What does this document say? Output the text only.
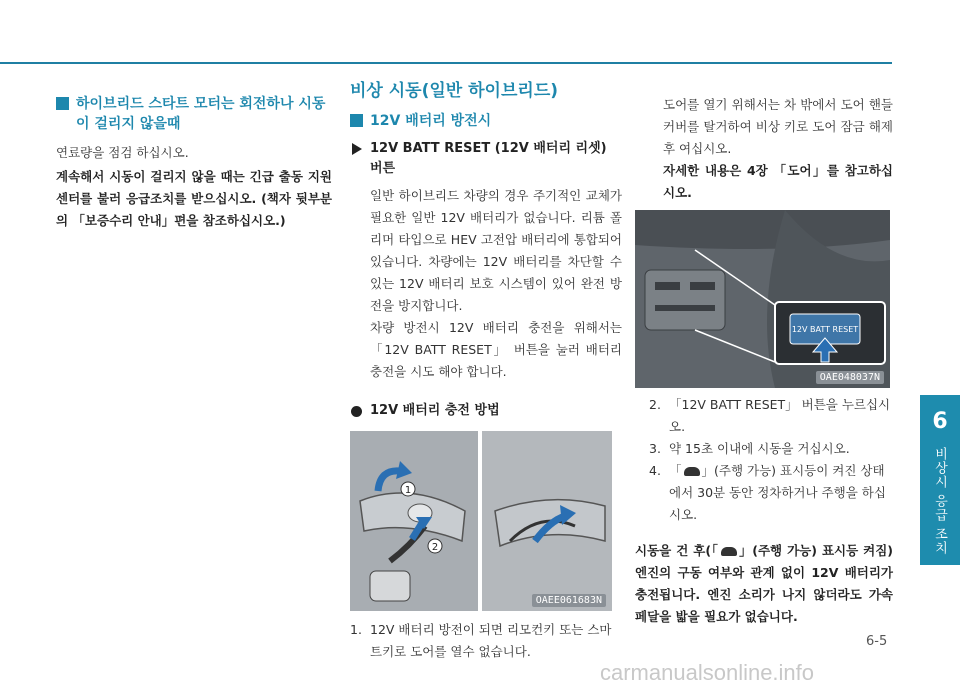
하이브리드 스타트 모터는 회전하나 시동이 걸리지 않을때

연료량을 점검 하십시오.

계속해서 시동이 걸리지 않을 때는 긴급 출동 지원센터를 불러 응급조치를 받으십시오. (책자 뒷부분의 「보증수리 안내」편을 참조하십시오.)

비상 시동(일반 하이브리드)
12V 배터리 방전시
12V BATT RESET (12V 배터리 리셋) 버튼

일반 하이브리드 차량의 경우 주기적인 교체가 필요한 일반 12V 배터리가 없습니다. 리튬 폴리머 타입으로 HEV 고전압 배터리에 통합되어 있습니다. 차량에는 12V 배터리를 차단할 수 있는 12V 배터리 보호 시스템이 있어 완전 방전을 방지합니다.

차량 방전시 12V 배터리 충전을 위해서는 「12V BATT RESET」 버튼을 눌러 배터리 충전을 시도 해야 합니다.

12V 배터리 충전 방법
1
2
OAEE061683N
1. 12V 배터리 방전이 되면 리모컨키 또는 스마트키로 도어를 열수 없습니다.

도어를 열기 위해서는 차 밖에서 도어 핸들 커버를 탈거하여 비상 키로 도어 잠금 해제 후 여십시오.

자세한 내용은 4장 「도어」를 참고하십시오.

12V BATT RESET
OAE048037N
2. 「12V BATT RESET」 버튼을 누르십시오.
3. 약 15초 이내에 시동을 거십시오.
4. 「 」(주행 가능) 표시등이 켜진 상태에서 30분 동안 정차하거나 주행을 하십시오.

시동을 건 후(「 」(주행 가능) 표시등 켜짐) 엔진의 구동 여부와 관계 없이 12V 배터리가 충전됩니다. 엔진 소리가 나지 않더라도 가속 페달을 밟을 필요가 없습니다.

6
비상시 응급 조치
6-5
carmanualsonline.info
